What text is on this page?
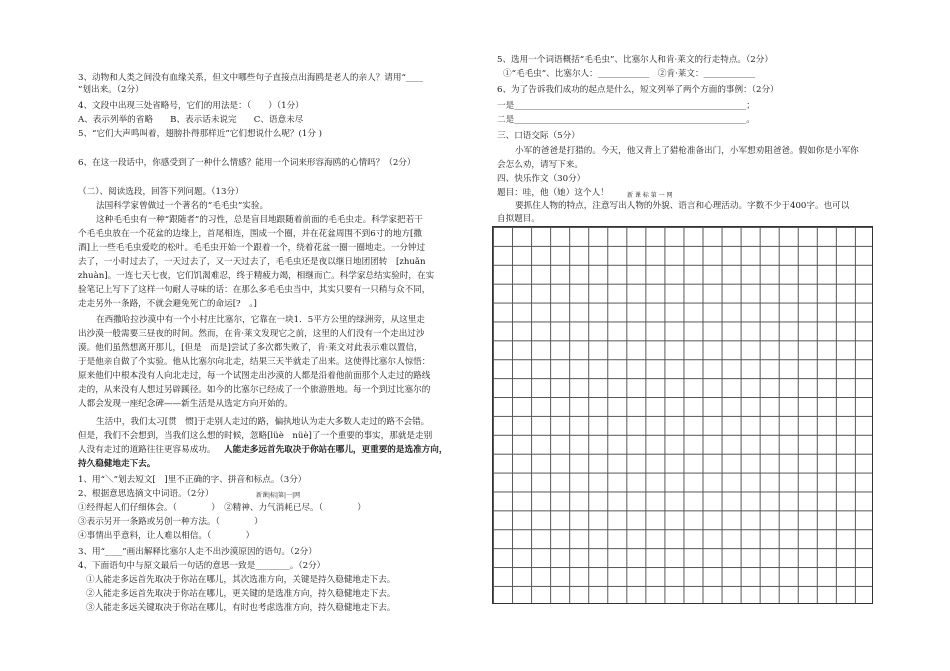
3、动物和人类之间没有血缘关系，但文中哪些句子直接点出海鸥是老人的亲人？请用“____
”划出来。（2分）
4、文段中出现三处省略号，它们的用法是：（　　）（1分）
A、表示列举的省略　　B、表示话未说完　　C、语意未尽
5、“它们大声鸣叫着，翅膀扑得那样近”它们想说什么呢？(1分 )
6、在这一段话中，你感受到了一种什么情感？能用一个词来形容海鸥的心情吗？（2分）
（二）、阅读选段，回答下列问题。（13分）
法国科学家曾做过一个著名的“毛毛虫”实验。
这种毛毛虫有一种“跟随者”的习性，总是盲目地跟随着前面的毛毛虫走。科学家把若干
个毛毛虫放在一个花盆的边缘上，首尾相连，围成一个圈，并在花盆周围不到6寸的地方[撒
酒]上一些毛毛虫爱吃的松叶。毛毛虫开始一个跟着一个，绕着花盆一圈一圈地走。一分钟过
去了，一小时过去了，一天过去了，又一天过去了，毛毛虫还是夜以继日地团团转　[zhuǎn
zhuàn]。一连七天七夜，它们饥渴难忍，终于精疲力竭，相继而亡。科学家总结实验时，在实
验笔记上写下了这样一句耐人寻味的话：在那么多毛毛虫当中，其实只要有一只稍与众不同，
走走另外一条路，不就会避免死亡的命运[?　。]
在西撒哈拉沙漠中有一个小村庄比塞尔，它靠在一块1．5平方公里的绿洲旁，从这里走
出沙漠一般需要三昼夜的时间。然而，在肯·莱文发现它之前，这里的人们没有一个走出过沙
漠。他们虽然想离开那儿，[但是　而是]尝试了多次都失败了，肯·莱文对此表示难以置信，
于是他亲自做了个实验。他从比塞尔向北走，结果三天半就走了出来。这使得比塞尔人惊悟：
原来他们中根本没有人向北走过，每一个试图走出沙漠的人都是沿着他前面那个人走过的路线
走的，从来没有人想过另辟蹊径。如今的比塞尔已经成了一个旅游胜地。每一个到过比塞尔的
人都会发现一座纪念碑——新生活是从选定方向开始的。
生活中，我们太习[贯　惯]于走别人走过的路，偏执地认为走大多数人走过的路不会错。
但是，我们不会想到，当我们这么想的时候，忽略[lüè　nüè]了一个重要的事实，那就是走别
人没有走过的道路往往更容易成功。 人能走多远首先取决于你站在哪儿，更重要的是选准方向，
持久稳健地走下去。
1、用“＼”划去短文[　]里不正确的字、拼音和标点。（3分）
2、根据意思选摘文中词语。（2分）	新课|标|第|一|网
①经得起人们仔细体会。（　　　　）　②精神、力气消耗已尽。（　　　　）
③表示另开一条路或另创一种方法。（　　　　）
④事情出乎意料，让人难以相信。（　　　　）
3、用“____”画出解释比塞尔人走不出沙漠原因的语句。（2分）
4、下面语句中与原文最后一句话的意思一致是________。（2分）
①人能走多远首先取决于你站在哪儿，其次选准方向，关键是持久稳健地走下去。
②人能走多远首先取决于你站在哪儿，更关键的是选准方向，持久稳健地走下去。
③人能走多远关键取决于你站在哪儿，有时也考虑选准方向，持久稳健地走下去。
5、选用一个词语概括“毛毛虫”、比塞尔人和肯·莱文的行走特点。（2分）
①“毛毛虫”、比塞尔人：____________　②肯·莱文：____________
6、为了告诉我们成功的起点是什么，短文列举了两个方面的事例：（2分）
一是______________________________________________________；
二是______________________________________________________。
三、口语交际（5分）
小军的爸爸是打猎的。今天，他又背上了猎枪准备出门，小军想劝阻爸爸。假如你是小军你
会怎么劝，请写下来。
四、快乐作文（30分）
题目：哇，他（她）这个人！	新 课 标 第 一 网
要抓住人物的特点，注意写出人物的外貌、语言和心理活动。字数不少于400字。也可以
自拟题目。
